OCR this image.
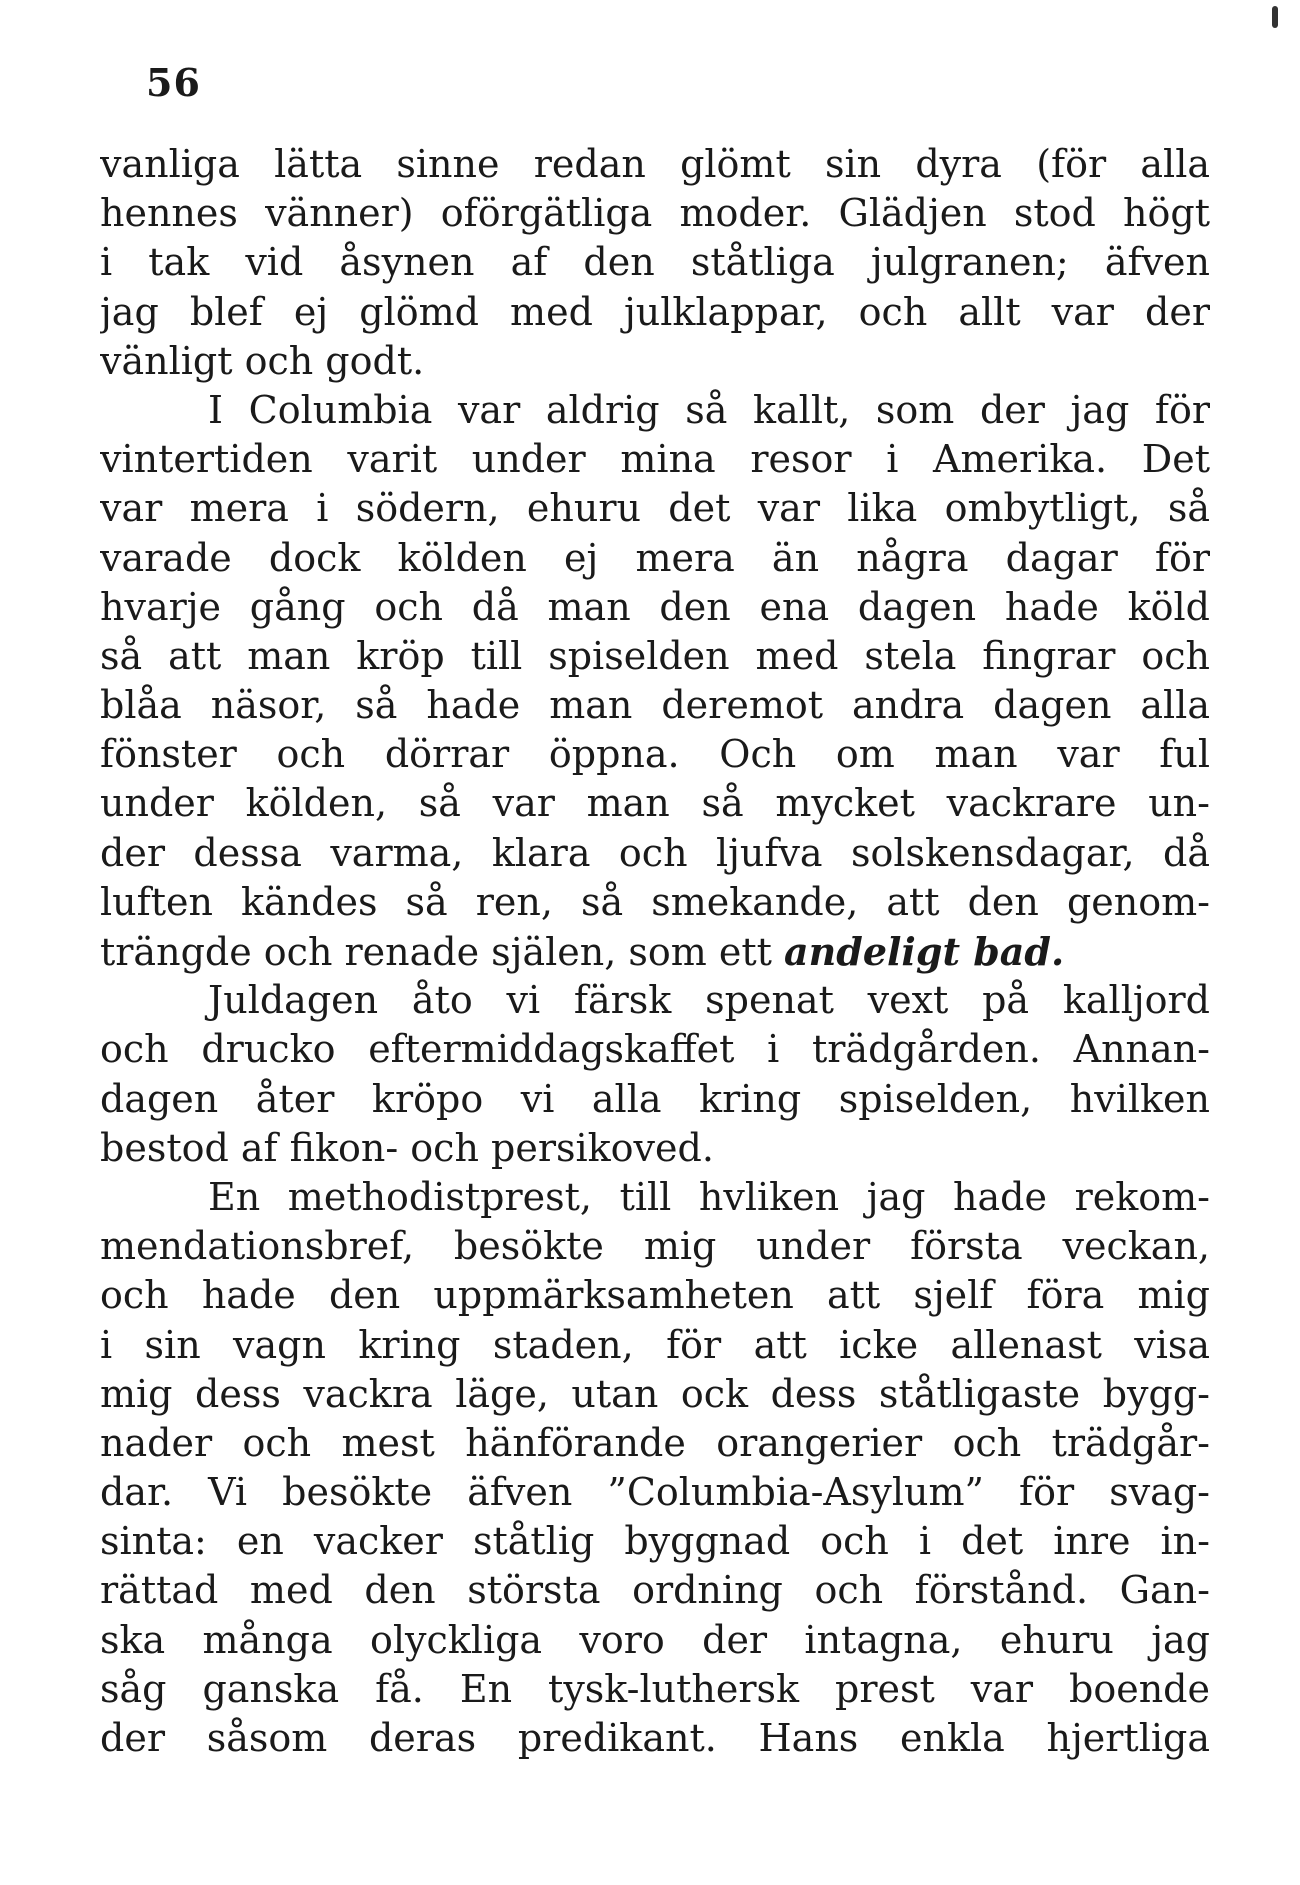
56
vanliga lätta sinne redan glömt sin dyra (för alla
hennes vänner) oförgätliga moder. Glädjen stod högt
i tak vid åsynen af den ståtliga julgranen; äfven
jag blef ej glömd med julklappar, och allt var der
vänligt och godt.
I Columbia var aldrig så kallt, som der jag för
vintertiden varit under mina resor i Amerika. Det
var mera i södern, ehuru det var lika ombytligt, så
varade dock kölden ej mera än några dagar för
hvarje gång och då man den ena dagen hade köld
så att man kröp till spiselden med stela fingrar och
blåa näsor, så hade man deremot andra dagen alla
fönster och dörrar öppna. Och om man var ful
under kölden, så var man så mycket vackrare un-
der dessa varma, klara och ljufva solskensdagar, då
luften kändes så ren, så smekande, att den genom-
trängde och renade själen, som ett andeligt bad.
Juldagen åto vi färsk spenat vext på kalljord
och drucko eftermiddagskaffet i trädgården. Annan-
dagen åter kröpo vi alla kring spiselden, hvilken
bestod af fikon- och persikoved.
En methodistprest, till hvliken jag hade rekom-
mendationsbref, besökte mig under första veckan,
och hade den uppmärksamheten att sjelf föra mig
i sin vagn kring staden, för att icke allenast visa
mig dess vackra läge, utan ock dess ståtligaste bygg-
nader och mest hänförande orangerier och trädgår-
dar. Vi besökte äfven ”Columbia-Asylum” för svag-
sinta: en vacker ståtlig byggnad och i det inre in-
rättad med den största ordning och förstånd. Gan-
ska många olyckliga voro der intagna, ehuru jag
såg ganska få. En tysk-luthersk prest var boende
der såsom deras predikant. Hans enkla hjertliga
